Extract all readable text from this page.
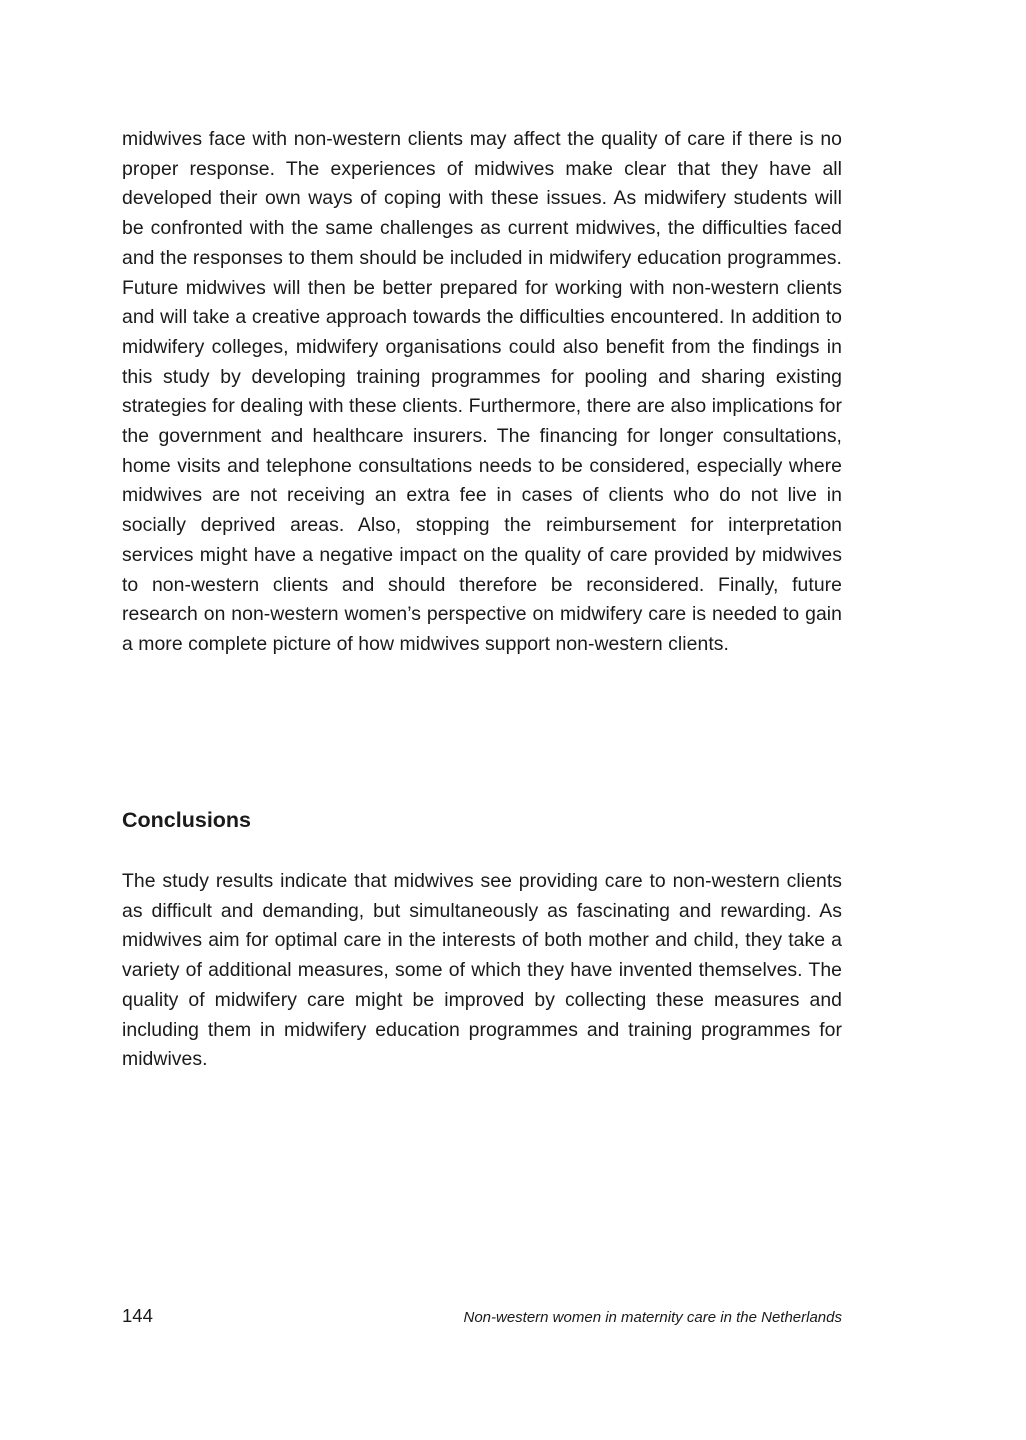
midwives face with non-western clients may affect the quality of care if there is no proper response. The experiences of midwives make clear that they have all developed their own ways of coping with these issues. As midwifery students will be confronted with the same challenges as current midwives, the difficulties faced and the responses to them should be included in midwifery education programmes. Future midwives will then be better prepared for working with non-western clients and will take a creative approach towards the difficulties encountered. In addition to midwifery colleges, midwifery organisations could also benefit from the findings in this study by developing training programmes for pooling and sharing existing strategies for dealing with these clients. Furthermore, there are also implications for the government and healthcare insurers. The financing for longer consultations, home visits and telephone consultations needs to be considered, especially where midwives are not receiving an extra fee in cases of clients who do not live in socially deprived areas. Also, stopping the reimbursement for interpretation services might have a negative impact on the quality of care provided by midwives to non-western clients and should therefore be reconsidered. Finally, future research on non-western women’s perspective on midwifery care is needed to gain a more complete picture of how midwives support non-western clients.

Conclusions

The study results indicate that midwives see providing care to non-western clients as difficult and demanding, but simultaneously as fascinating and rewarding. As midwives aim for optimal care in the interests of both mother and child, they take a variety of additional measures, some of which they have invented themselves. The quality of midwifery care might be improved by collecting these measures and including them in midwifery education programmes and training programmes for midwives.

144	Non-western women in maternity care in the Netherlands
